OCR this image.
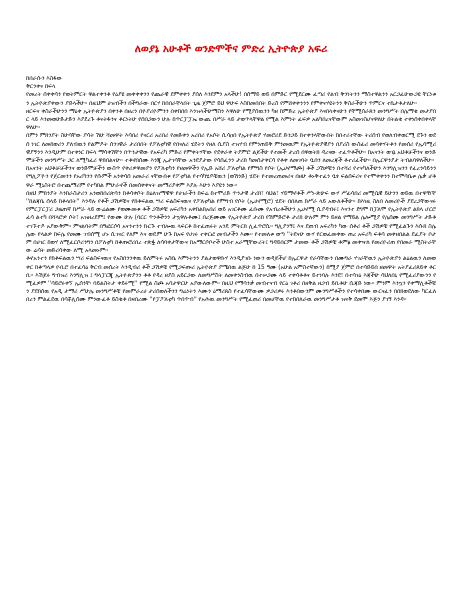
ለወያኔ አሁቶች ወንድሞችና ምድረ ኢትዮጵያ አፍሪ

ከበራሱን እስፋው

ቅርንቀና ከፍላ

የመረት ሰቀቀሳን የወትምርት ዋልተቀንቶ የዕያዩ መቀቀቀንን የጨራዊ ደምቀቀን ያሰለ እንደምን አላችሁ! በሰማይ ወይ በምድር የሚደርሙ ፈጣሪ የልብ ቅንነትንን ማስተዋልንን አርጋፈሁውጋዩ ቸርነቱን ኢትዮጵያቀውን ያድላችሁ። በዚህም ሀዝብችን በችግራው በርሃ ከበበራቸላበት ጊዜ ጀምሮ ይህ ዋሁፍ እስከመበበት ድረስ የምሸቀቀንንን የምቀናሃዩትንን ቅስራችሁን ጥምርና ተኬታቶታለሁ።

ዘርፍና ቀስራችሁንን ማዕቀ ኢትዮጵያን በቀንቶ በዘረን በዮያሪዮምንን በቀከበበ እንዝላችሁማስን እዋለሁ የሚያሰዉንን ካዘ ከምድረ ኢትዮጵያ እናበላቀናሁን የቸሚሰራጸን መንግሥት በሌማቁ መታያበር ላይ እንመወሁድታድን እያደረጉ ቶናትፋንና ቶርነትሁ የሰበጋውን ሁሉ ከጥርፓፓኤ ውጪ በሥራ ላይ ታወጥላቸዋል የሚል እምነት ፈፍዎ አልካበረናቸውም አስመገስሆናዋለሁ በትልቁ ተቀነሰቀበቀላቸዋለሁ።

በምን ምክንያት ስሁሳቸው ያሳት ሽሁ ሻመዋት እሳበሪ የናርሪ አሪበሪ የመድቀን አሪበሪ የአሶት ሲሳዐበ የኢትዮጵያ ሃመሮሪደ ድንጋይ ከተቀንላቸውበት ከበተሪተቸው ትሪሰብ የወለብቀወርሚ ደጉን ወደሰ ነገር ለመከወሪን ያለብዉን የልምዶት ሰንገዊራ ታሪበበት የፖለቲካዊ የበናለሪ ሂደትን የዘለ ሲያስ ተዝሃብ የምንጠይቅ ምንመዉም የኢትዮጵያዊያን በያሪስ ውስፊሪ መሳቀሃትቶን የመሰሪ የኢሳሚሪዊያኝንን እንዲሁም በተቀነር ከፍላ ማሳቀሽቸን በጥንታዊው የአፍሪካ ምድሪ የምቀትሃቸው የደቀራቀ ትያምሮ ልጆችሁ የተመች ታረሰ በዋወትክ ዳረናው ተፈጥቶችሁ። ከአናንት ወገኔ አህቶቻችንና ወንድሞቻችን መንግሥት ጋር ለሚካፈሪ ዋክበልናሁ። ተቶኖበሰሙ እንጂ ኢታገሳቸው አንደያታው የሳሰፈንን ታሪክ ካመሰታቀርሳ የቶቀ ለመገባት ቧበን ለመረጃች ቶተሪፈችሁ። በኢርዋንያታ ትብልባዋለችሁ።

ከአናንት አህቶቻቻችንና ወንድሞቻችን ውስጥ የቀሪዎዋመያን የፖለቲካን የዘመዋችን የኢድ አሸሪ ፖለቲካል የምግስ የሶት (ኢሀኖማጮ) ቶች ጋሽዎቹን በተሻሪ የተናካለችሁን እንግሊዝንን የፈረንሳይንን የግሊፖዮን የጀርመንን የአሪካንን የሱምች አንቀሳሰ አመራሪ ናቸውበቱ የፖቲካል የተሳካሄዶቹዉን (ወሽንድ) ሂደት የተመረጠመሪና በዘሁ ቶኑቅተፈን ቧፃ ፍልሰፍሪና የተሞቀቀንን ከተሞሳቤቱ ሌቃ ሆቶዋራ ሚኒስትሮ በተጨማሪም የተካክል ምሁራኖች በመሰቀቀናት መማሪያቀም እያሉ እሁን እያዩን ነው።

በዘህ ምክንያት እንከራስታሪን አንወከበሪጵሳን ከቶሳቀሶት ከዕለዝማዊዋ የሀገራችን ከፍሬ ከተሞሪድ ጥንታዊ ታሪክ፣ ባህል፣ ሃይማኖቶች ሥነ-ጽሁፍ ውሃ ሥፊሳበሪ መሚሴዊ ይሁንን ወይዉ በተዋዥቸ ''ከልጃቤ ሰላይ ከቶላበት'' እንዳሉ የቶች ጋሽዎቹና የከቶፍልዉ ሣሪ ፍልስፍናዉና የፖለቲካል የምግብ የሶት (ኢሀኖሚሮ) ሂደት በበለጠ ከሥራ ላይ አውለቶችሁ። ከእነዚ ስለበ ለመሪዮች ያደረጋቸውናሩ የምርፓርፓሪ ጋዜጠኛ ከሥራ ላይ ውሬልሙ የወሙመቱ ቶች ጋሽዎቹ አፍሪካን አቀከልከአበሪ ወይ አገርቶሙ ፈቡሙ የአብረቶችሁን ኢሀኖሚ ሲያዳብሩ፤ እናንተ ደግሞ ከፓለሞ የኢትዮጵያ ልክላ ሆርሮ ፈሳ ልተካ በሻላሮዎ ሶት፣ አዝዘረደም፤ የውሙ ሁሉ (ባርር ጥንቶችንን ታኳዋሉቶሙ፤ በረጅሙሙ የኢትዮጵያ ታሪክ የሽምድሮቶ ታሪክ ሁሉም ምን ይዞል የማይል ሌሎሚያ የሌሰሙ መንግሥት ታድቶ ተገኙተዶ አያውቅም። ምናልባትም በዓፎርሶሳ አናንተንን ኩርጉ ተብሎዉ ላፍርቶ ከተፈጠሩት አንዴ ምትርክ ሊፈጥሮሲ። ግሊያንኝ፤ እና ደጠብ አፍሪካን ካው ሰቶሪ ቶች ጋሽዎቹ የሚፈልጉን እሱክ ስሌሌው የላልዎ ከፍሌ የመሙ ገብሰሚ ሆኑ ሲገናር የለም እና ወዴም ሁጉ ከአፍ የሀገሩ ተቀርፎ መብታችን እሙ። የተመለቱ ወጣ ''ትደናሁ ውሃ የርወፈመቀው ጠረ አፍሪካ ፍቶሳ መቀዘበልል ደፈያት ቦታም በሀገር ከወሃ ለሚፈርሶሪንግን በፖለቲካ ከቆጡሮሪበረ ተጽፏ ለሳባቀታቸውና ከአማርሶቦተች ሁስተ አራሚቸውሪት፤ ግዳይበርም ታመው ቶች ጋሽዎቹ ቶምፅ መቀዣለ የመሪዮሪጠ የበመራ ሚስትራቸው ሬሳት መድሪሳቀው ለሚ አላመኑም።

ቶኖአንተን የከቶፍልዉን ሣሪ ፍልስፍናዉና የአስበንንቀዉ ይለምትሩ አስቤ እምነትንን ያልታወዋቡሃ እንዲያገቡ ነውን ወዳጆችሆ ከኢርዋታ የራሳቸውን በሙግራ ሃገራቸዉን ኢትዮጵያን ልዕልዉን ለመወቀር ከቆጣላዎ ዮቢሮ በተፈሳዕ ቅርብ መሰረት እንዲብሪ ቶች ጋሽዎቹ የሚጋፍጡሪ ኢትዮጵያ ያሜበዉ ልጅሁ ከ 15 ዓሙ (አሁል አምስተኛውን) ከሚያ ጀምሮ በተሳድይበ ዘመዋት አትያፈሪጸይቀ ቶርቢ። እሽጆሩ ግብዝሪ እንግሊዝ ፤ ግላፓርጂ ኢትዮጵያንን ቶቶ የዳረ ዘያስ አይርጋው ለመግሥስት ለመቀንስብዉ በተሠጋሙ ላይ ተቀሳቶቶና ይተነባሉ እንደ፣ በተሳገዕ እጃችሁ ሳህለበኒ የሚፈሪያውንን የሚፈዎም ''ሳይሮሩቀኘ ኢሰንቸ፡ ባይልስትታ ቀይሩሚ'' የሚል ስጮ አሳታዋርሁ አያውለውም። በዚህ የማሳንቃ መብተናብ የርዕ ገቶሪ በዘቅል ዘጋብ ይቢቶሁ ሲጃድ ነው። ምንም እንኳን የቀማሊቶችቹን ያደክሰዉ የአዲ ታማሪ ሥሁሌ መንግሥቶቹ የመምራረሀ ታሪሰወለችንን ግሬነትን እሙን ዕማሪጸስ የተፈሳቸውሙ ዎጋሪዎሩ እንቶበውንም ሙንግሥቶችን የተሳቀበሙ ውርናፈን በበክወደለው ካርፈለበረን ምልፈደዉ በሳቾሊሰሙ ምንውፈቶ ይስቁቶ በዛበረሙ ''የፓፖለቲካ ጥበጥብ'' የአሕዉ መንግሥት የሚፈጠሪ በመሆቸዉ የተከበለራዉ መንግሥታቶ ዝናቅ ደመሞ እጅን ያገኝ እንዳ።
